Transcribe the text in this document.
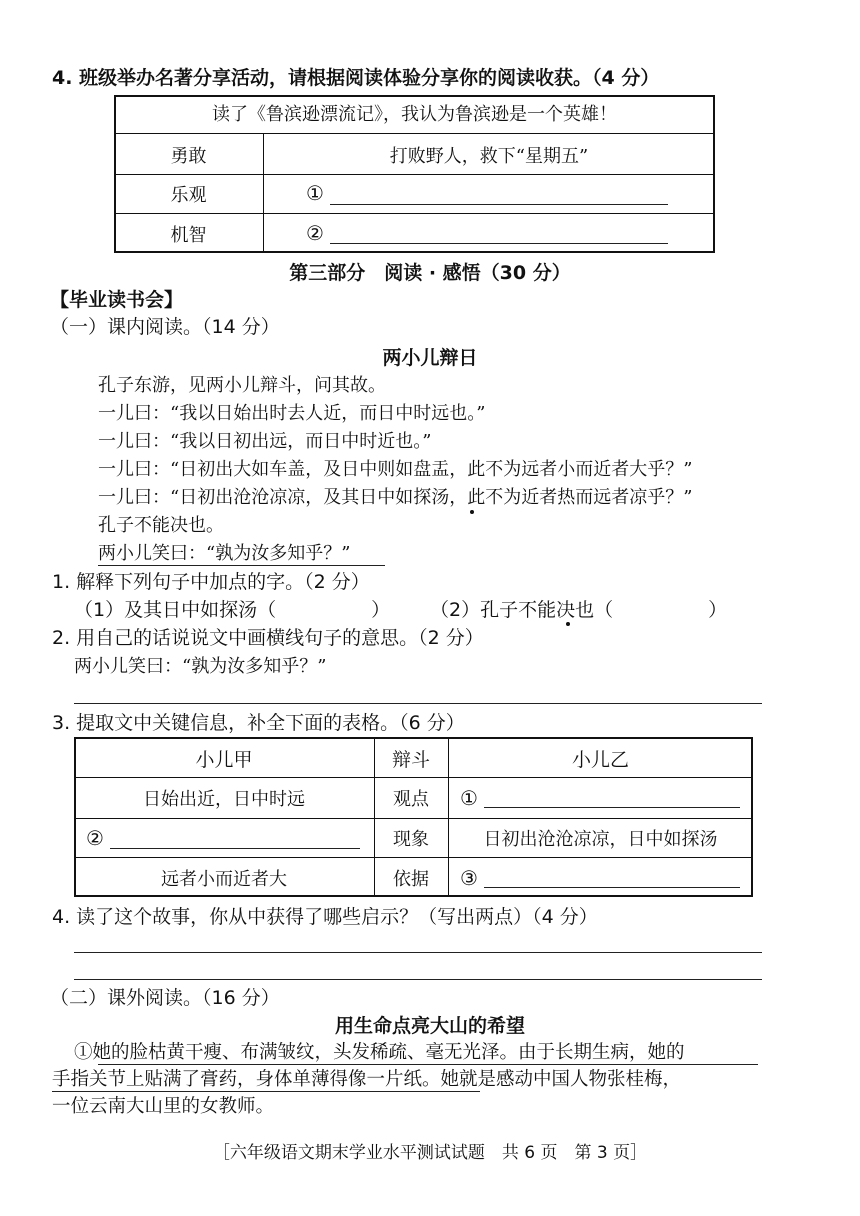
4. 班级举办名著分享活动，请根据阅读体验分享你的阅读收获。（4 分）
读了《鲁滨逊漂流记》，我认为鲁滨逊是一个英雄！
勇敢	打败野人，救下“星期五”
乐观	①
机智	②
第三部分　阅读 · 感悟（30 分）
【毕业读书会】
（一）课内阅读。（14 分）
两小儿辩日
孔子东游，见两小儿辩斗，问其故。
一儿曰：“我以日始出时去人近，而日中时远也。”
一儿曰：“我以日初出远，而日中时近也。”
一儿曰：“日初出大如车盖，及日中则如盘盂，此不为远者小而近者大乎？”
一儿曰：“日初出沧沧凉凉，及其日中如探汤，此不为近者热而远者凉乎？”
孔子不能决也。
两小儿笑曰：“孰为汝多知乎？”
1. 解释下列句子中加点的字。（2 分）
（1）及其日中如探汤（　　　　　） （2）孔子不能决也（　　　　　）
2. 用自己的话说说文中画横线句子的意思。（2 分）
两小儿笑曰：“孰为汝多知乎？”
3. 提取文中关键信息，补全下面的表格。（6 分）
小儿甲	辩斗	小儿乙
日始出近，日中时远	观点	①
②	现象	日初出沧沧凉凉，日中如探汤
远者小而近者大	依据	③
4. 读了这个故事，你从中获得了哪些启示？（写出两点）（4 分）
（二）课外阅读。（16 分）
用生命点亮大山的希望
①她的脸枯黄干瘦、布满皱纹，头发稀疏、毫无光泽。由于长期生病，她的
手指关节上贴满了膏药，身体单薄得像一片纸。她就是感动中国人物张桂梅，
一位云南大山里的女教师。
［六年级语文期末学业水平测试试题　共 6 页　第 3 页］
